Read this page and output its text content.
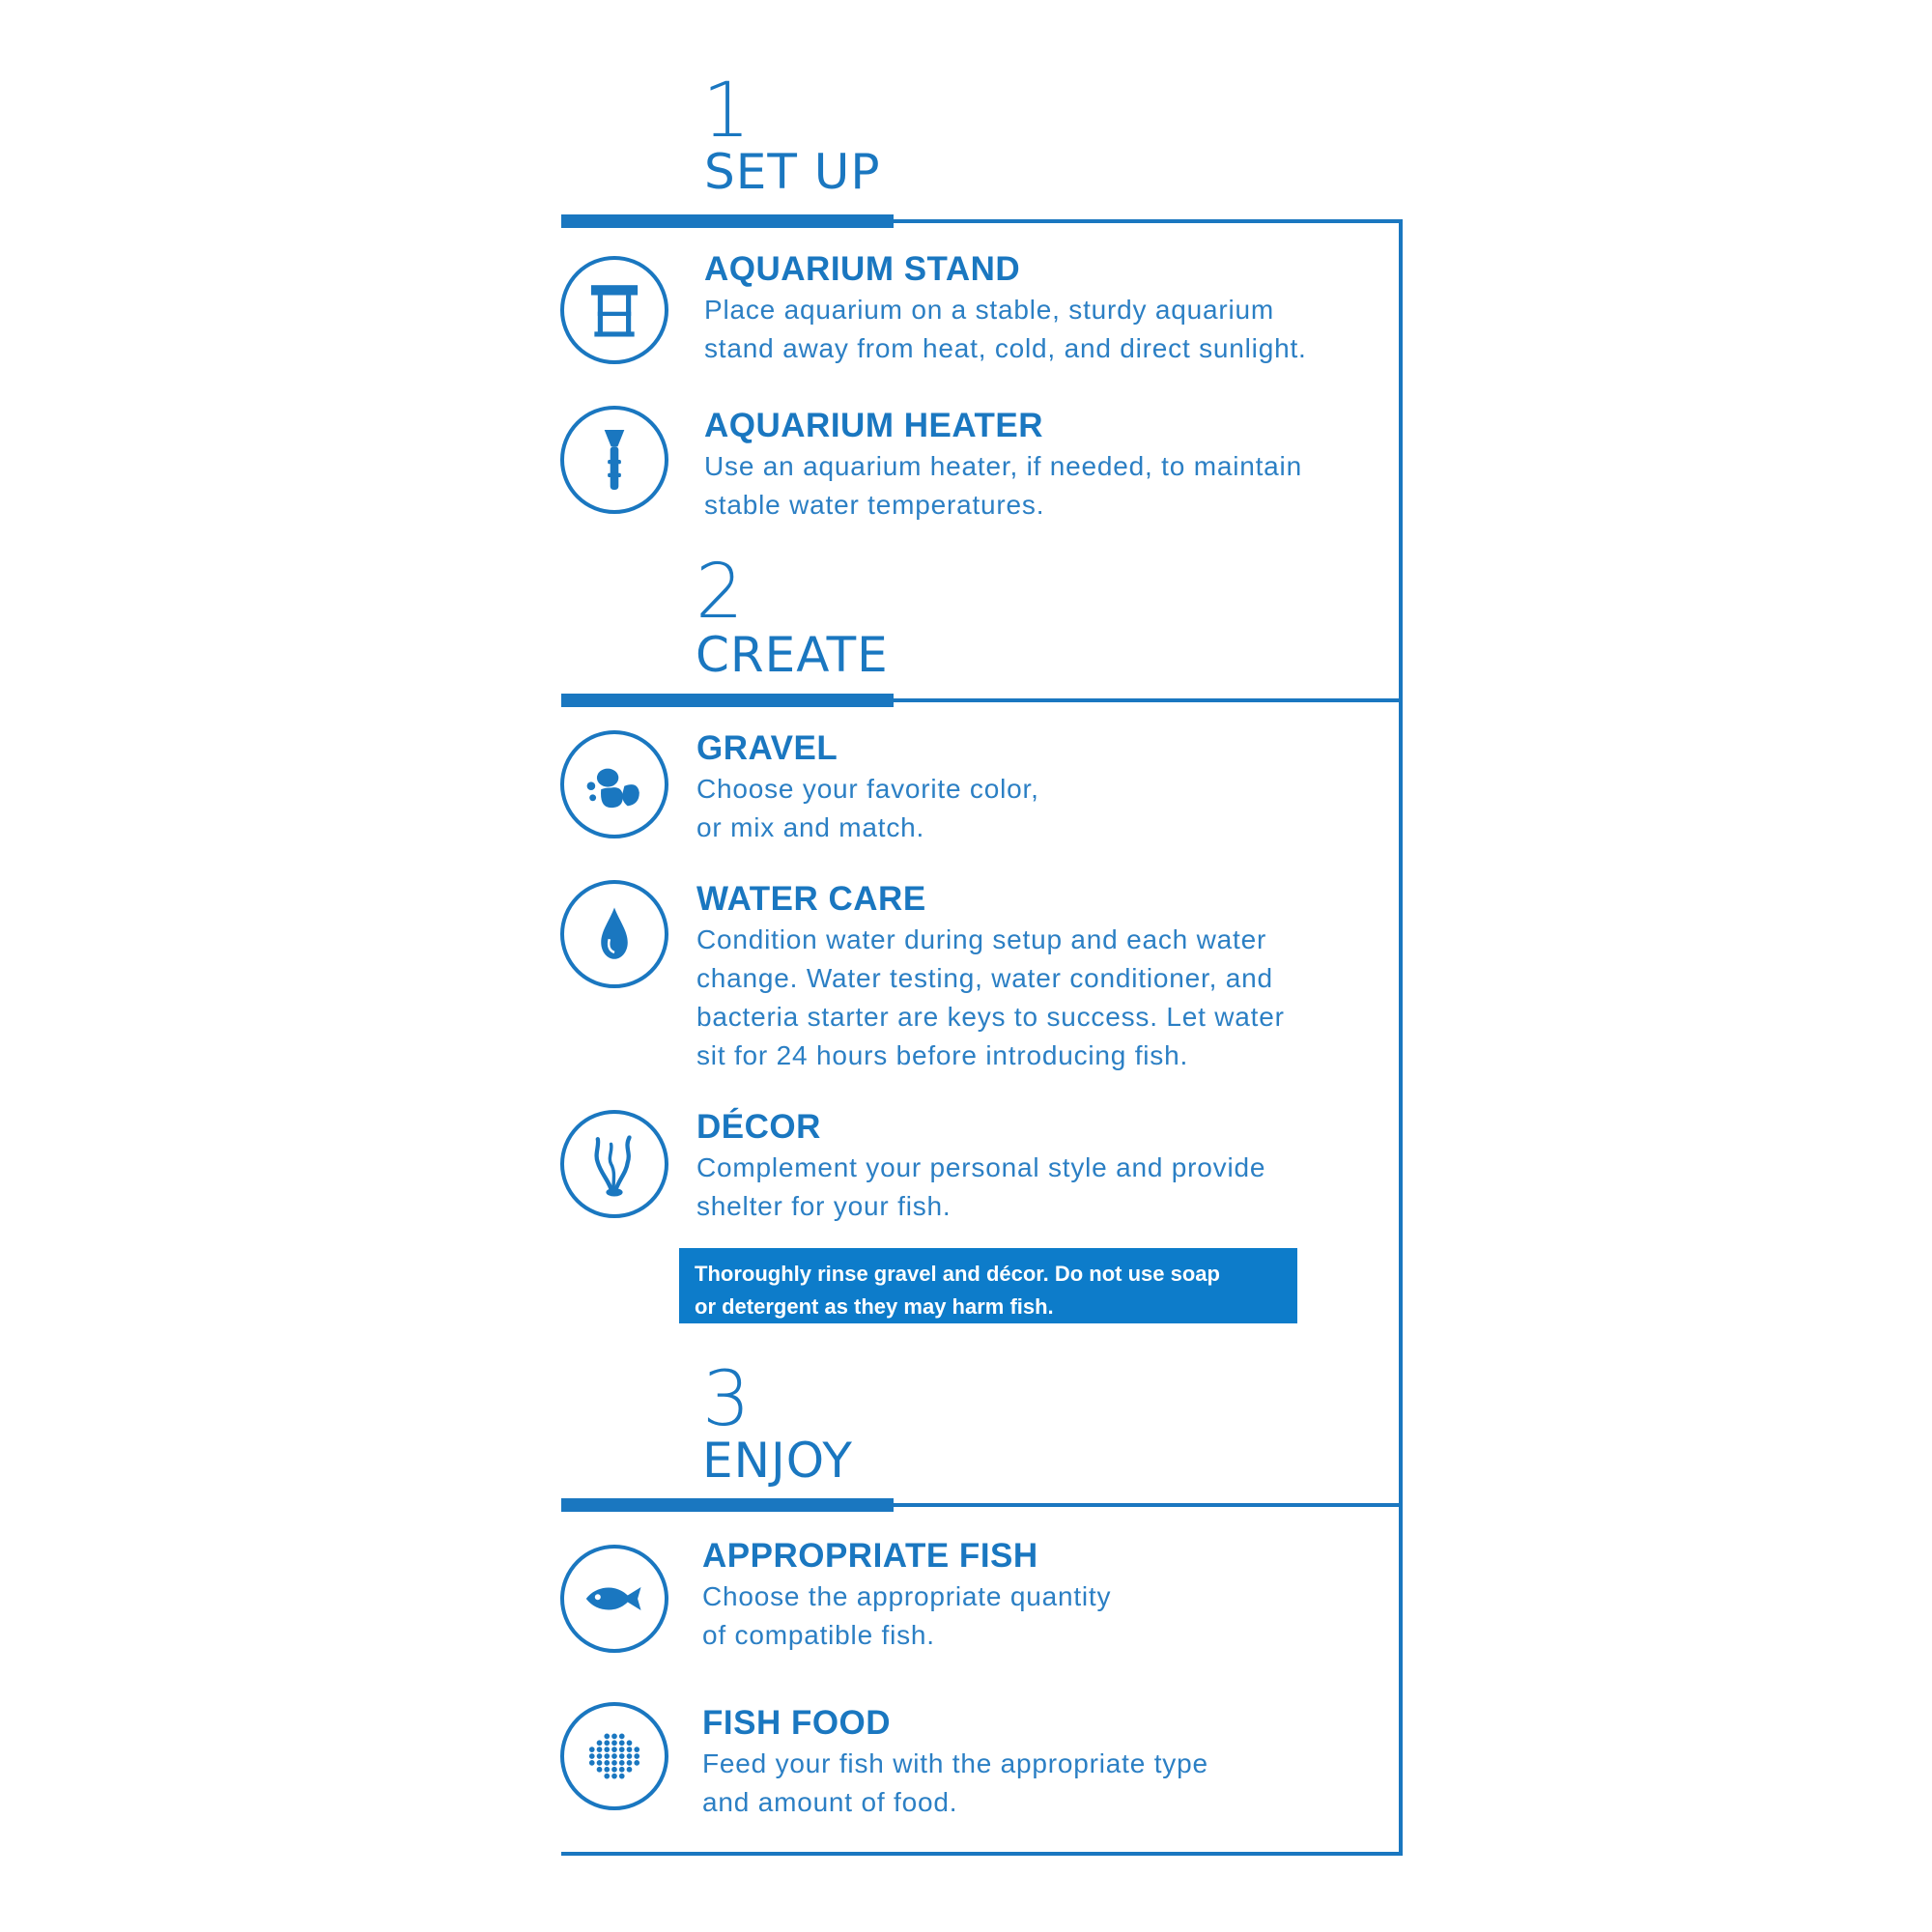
1
SET UP
AQUARIUM STAND
Place aquarium on a stable, sturdy aquarium
stand away from heat, cold, and direct sunlight.
AQUARIUM HEATER
Use an aquarium heater, if needed, to maintain
stable water temperatures.
2
CREATE
GRAVEL
Choose your favorite color,
or mix and match.
WATER CARE
Condition water during setup and each water
change. Water testing, water conditioner, and
bacteria starter are keys to success. Let water
sit for 24 hours before introducing fish.
DÉCOR
Complement your personal style and provide
shelter for your fish.
Thoroughly rinse gravel and décor. Do not use soap
or detergent as they may harm fish.
3
ENJOY
APPROPRIATE FISH
Choose the appropriate quantity
of compatible fish.
FISH FOOD
Feed your fish with the appropriate type
and amount of food.
